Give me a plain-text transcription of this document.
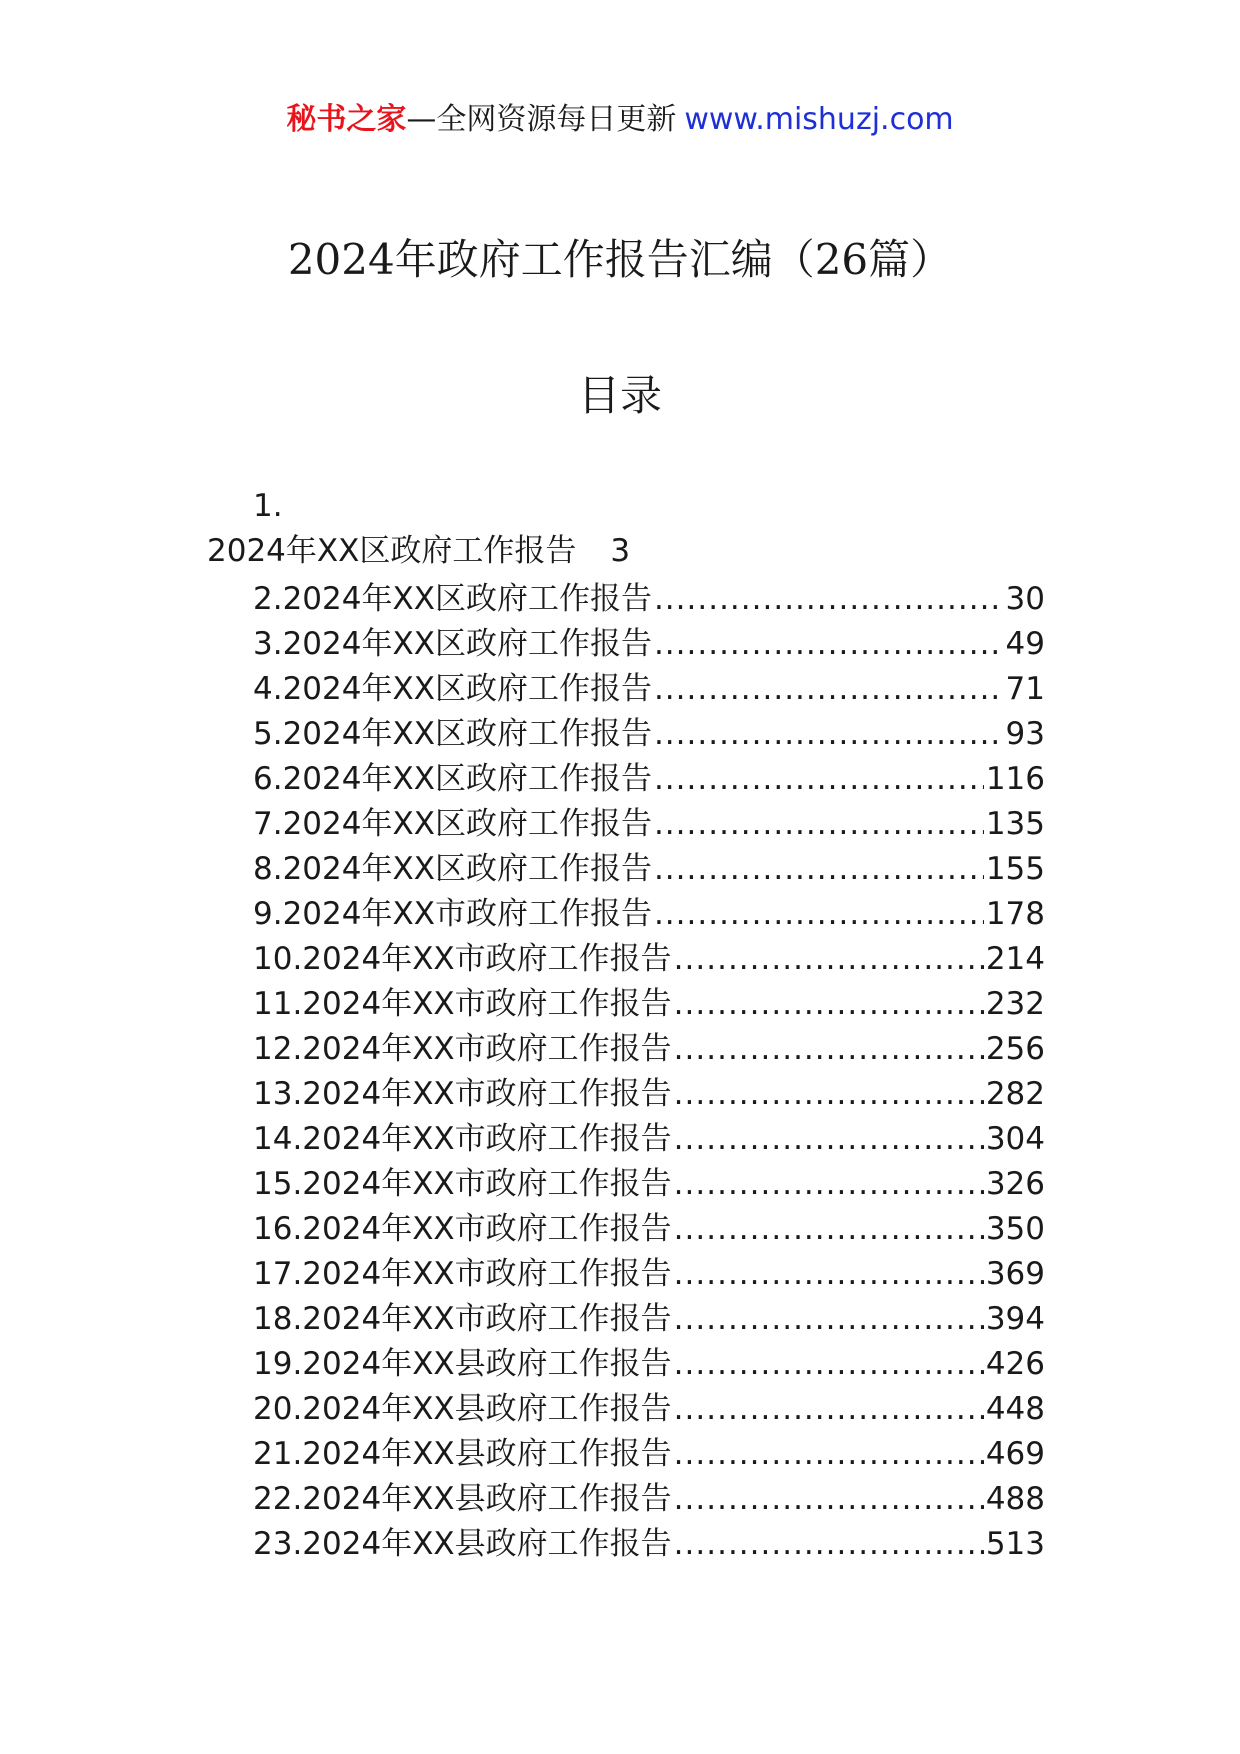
秘书之家—全网资源每日更新 www.mishuzj.com
2024年政府工作报告汇编（26篇）
目录
1.
2024年XX区政府工作报告 3
2.2024年XX区政府工作报告 .....	30
3.2024年XX区政府工作报告 .....	49
4.2024年XX区政府工作报告 .....	71
5.2024年XX区政府工作报告 .....	93
6.2024年XX区政府工作报告 .....	116
7.2024年XX区政府工作报告 .....	135
8.2024年XX区政府工作报告 .....	155
9.2024年XX市政府工作报告 .....	178
10.2024年XX市政府工作报告 .....	214
11.2024年XX市政府工作报告 .....	232
12.2024年XX市政府工作报告 .....	256
13.2024年XX市政府工作报告 .....	282
14.2024年XX市政府工作报告 .....	304
15.2024年XX市政府工作报告 .....	326
16.2024年XX市政府工作报告 .....	350
17.2024年XX市政府工作报告 .....	369
18.2024年XX市政府工作报告 .....	394
19.2024年XX县政府工作报告 .....	426
20.2024年XX县政府工作报告 .....	448
21.2024年XX县政府工作报告 .....	469
22.2024年XX县政府工作报告 .....	488
23.2024年XX县政府工作报告 .....	513
